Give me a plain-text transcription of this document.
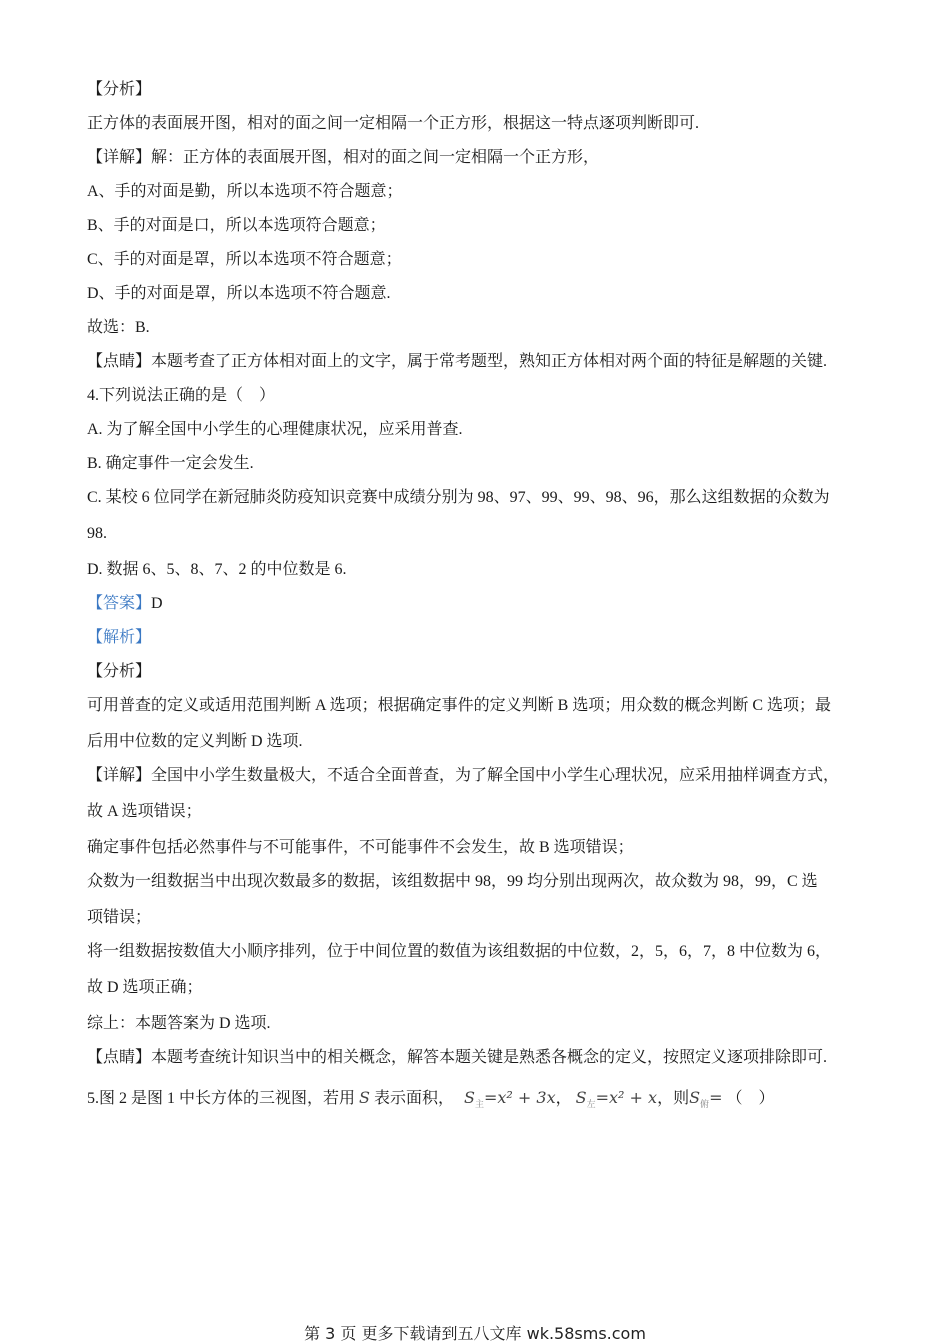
【分析】
正方体的表面展开图，相对的面之间一定相隔一个正方形，根据这一特点逐项判断即可.
【详解】解：正方体的表面展开图，相对的面之间一定相隔一个正方形，
A、手的对面是勤，所以本选项不符合题意；
B、手的对面是口，所以本选项符合题意；
C、手的对面是罩，所以本选项不符合题意；
D、手的对面是罩，所以本选项不符合题意.
故选：B.
【点睛】本题考查了正方体相对面上的文字，属于常考题型，熟知正方体相对两个面的特征是解题的关键.
4.下列说法正确的是（　）
A. 为了解全国中小学生的心理健康状况，应采用普查.
B. 确定事件一定会发生.
C. 某校 6 位同学在新冠肺炎防疫知识竞赛中成绩分别为 98、97、99、99、98、96，那么这组数据的众数为
98.
D. 数据 6、5、8、7、2 的中位数是 6.
【答案】D
【解析】
【分析】
可用普查的定义或适用范围判断 A 选项；根据确定事件的定义判断 B 选项；用众数的概念判断 C 选项；最
后用中位数的定义判断 D 选项.
【详解】全国中小学生数量极大，不适合全面普查，为了解全国中小学生心理状况，应采用抽样调查方式，
故 A 选项错误；
确定事件包括必然事件与不可能事件，不可能事件不会发生，故 B 选项错误；
众数为一组数据当中出现次数最多的数据，该组数据中 98，99 均分别出现两次，故众数为 98，99，C 选
项错误；
将一组数据按数值大小顺序排列，位于中间位置的数值为该组数据的中位数，2，5，6，7，8 中位数为 6，
故 D 选项正确；
综上：本题答案为 D 选项.
【点睛】本题考查统计知识当中的相关概念，解答本题关键是熟悉各概念的定义，按照定义逐项排除即可.
5.图 2 是图 1 中长方体的三视图，若用 S 表示面积， $S_主=x^2 + 3x$， $S_左=x^2 + x$，则$S_俯=$ （　）
第 3 页 更多下载请到五八文库 wk.58sms.com
